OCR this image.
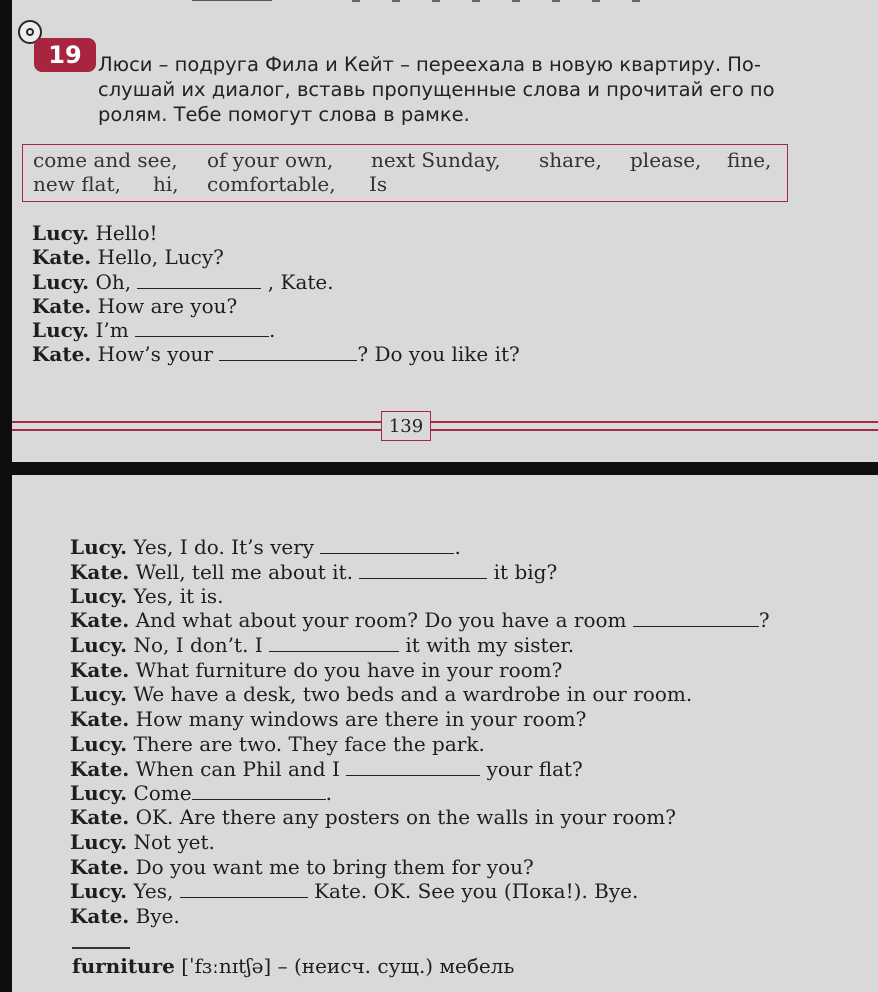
19 Люси – подруга Фила и Кейт – переехала в новую квартиру. По-
слушай их диалог, вставь пропущенные слова и прочитай его по
ролям. Тебе помогут слова в рамке.
come and see, of your own, next Sunday, share, please, fine,
new flat, hi, comfortable, Is
Lucy. Hello!
Kate. Hello, Lucy?
Lucy. Oh,	, Kate.
Kate. How are you?
Lucy. I’m	.
Kate. How’s your	? Do you like it?
139
Lucy. Yes, I do. It’s very	.
Kate. Well, tell me about it.	it big?
Lucy. Yes, it is.
Kate. And what about your room? Do you have a room	?
Lucy. No, I don’t. I	it with my sister.
Kate. What furniture do you have in your room?
Lucy. We have a desk, two beds and a wardrobe in our room.
Kate. How many windows are there in your room?
Lucy. There are two. They face the park.
Kate. When can Phil and I	your flat?
Lucy. Come	.
Kate. OK. Are there any posters on the walls in your room?
Lucy. Not yet.
Kate. Do you want me to bring them for you?
Lucy. Yes,	Kate. OK. See you (Пока!). Bye.
Kate. Bye.
furniture [ˈfɜːnɪtʃə] – (неисч. сущ.) мебель
